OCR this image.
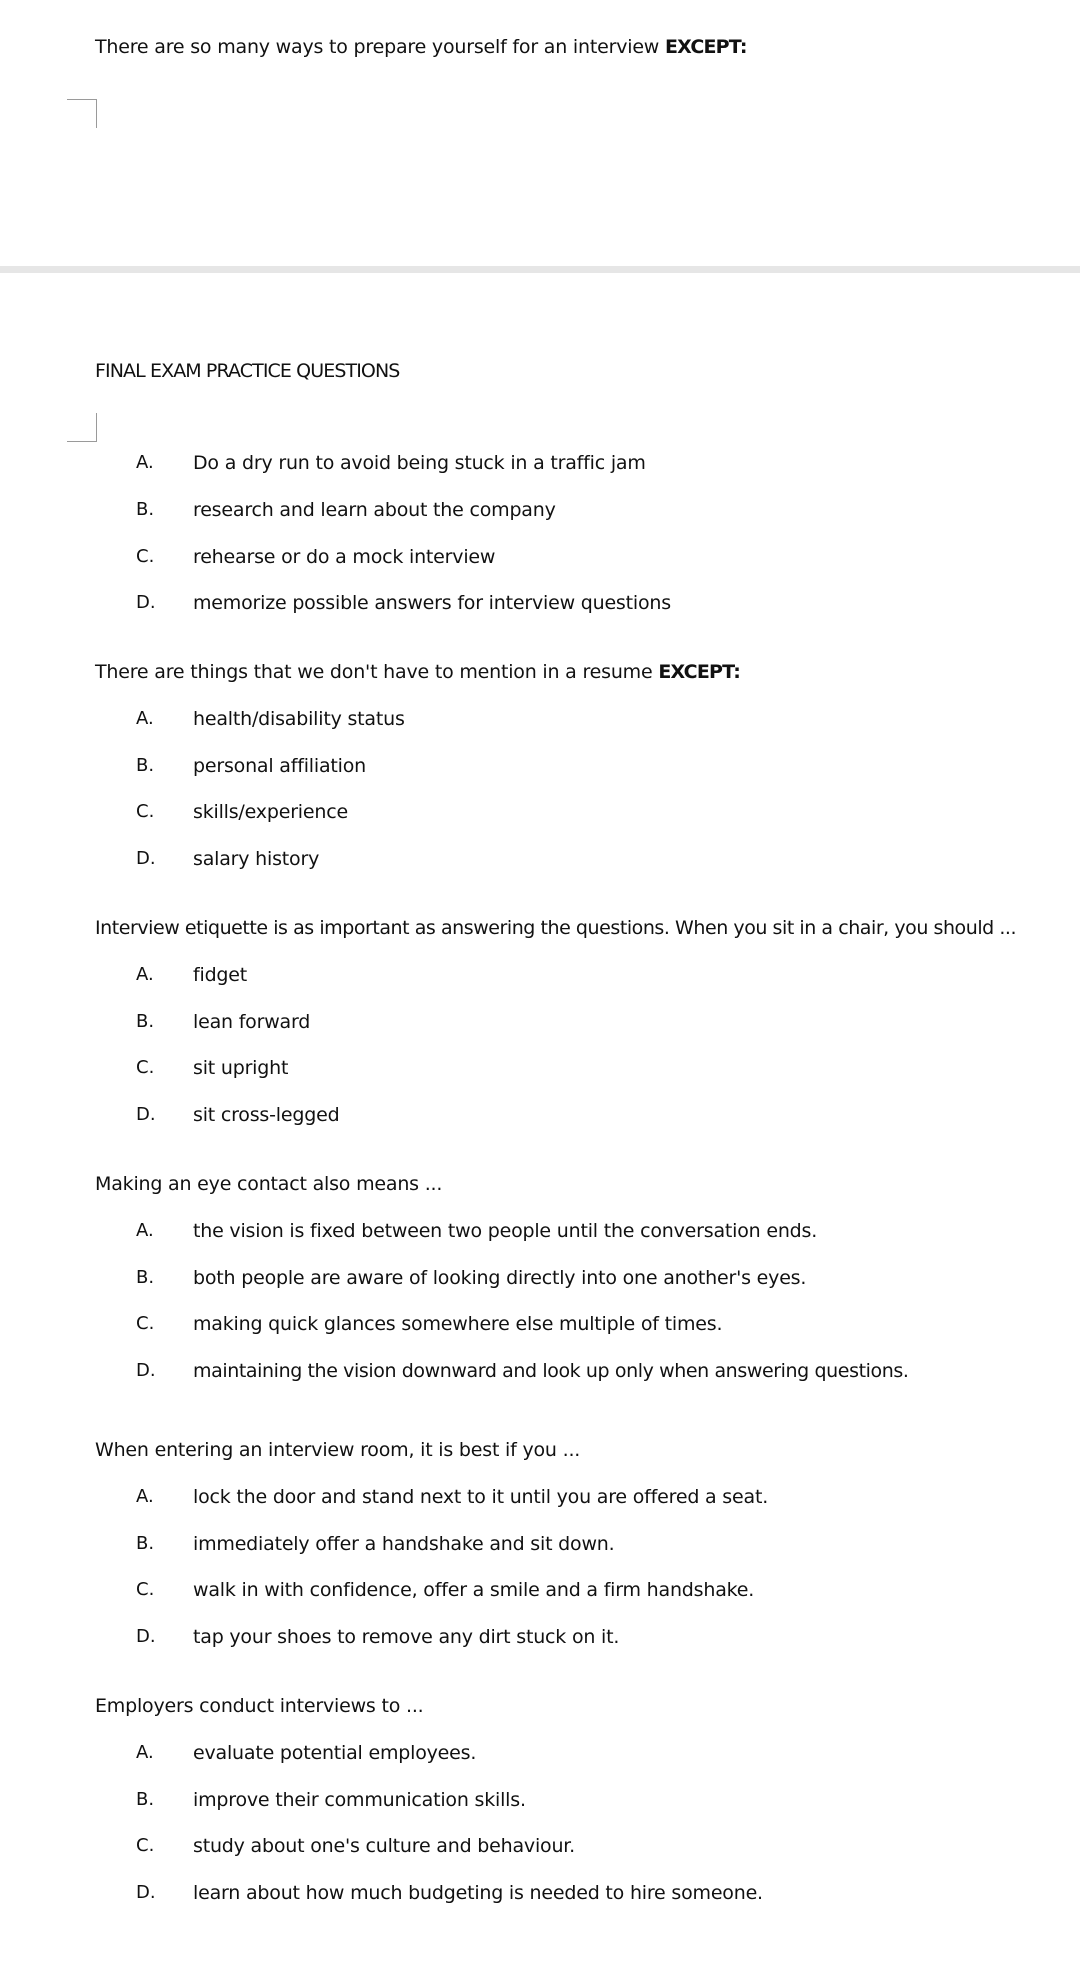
There are so many ways to prepare yourself for an interview EXCEPT:
FINAL EXAM PRACTICE QUESTIONS
A. Do a dry run to avoid being stuck in a traffic jam
B. research and learn about the company
C. rehearse or do a mock interview
D. memorize possible answers for interview questions
There are things that we don't have to mention in a resume EXCEPT:
A. health/disability status
B. personal affiliation
C. skills/experience
D. salary history
Interview etiquette is as important as answering the questions. When you sit in a chair, you should ...
A. fidget
B. lean forward
C. sit upright
D. sit cross-legged
Making an eye contact also means ...
A. the vision is fixed between two people until the conversation ends.
B. both people are aware of looking directly into one another's eyes.
C. making quick glances somewhere else multiple of times.
D. maintaining the vision downward and look up only when answering questions.
When entering an interview room, it is best if you ...
A. lock the door and stand next to it until you are offered a seat.
B. immediately offer a handshake and sit down.
C. walk in with confidence, offer a smile and a firm handshake.
D. tap your shoes to remove any dirt stuck on it.
Employers conduct interviews to ...
A. evaluate potential employees.
B. improve their communication skills.
C. study about one's culture and behaviour.
D. learn about how much budgeting is needed to hire someone.
